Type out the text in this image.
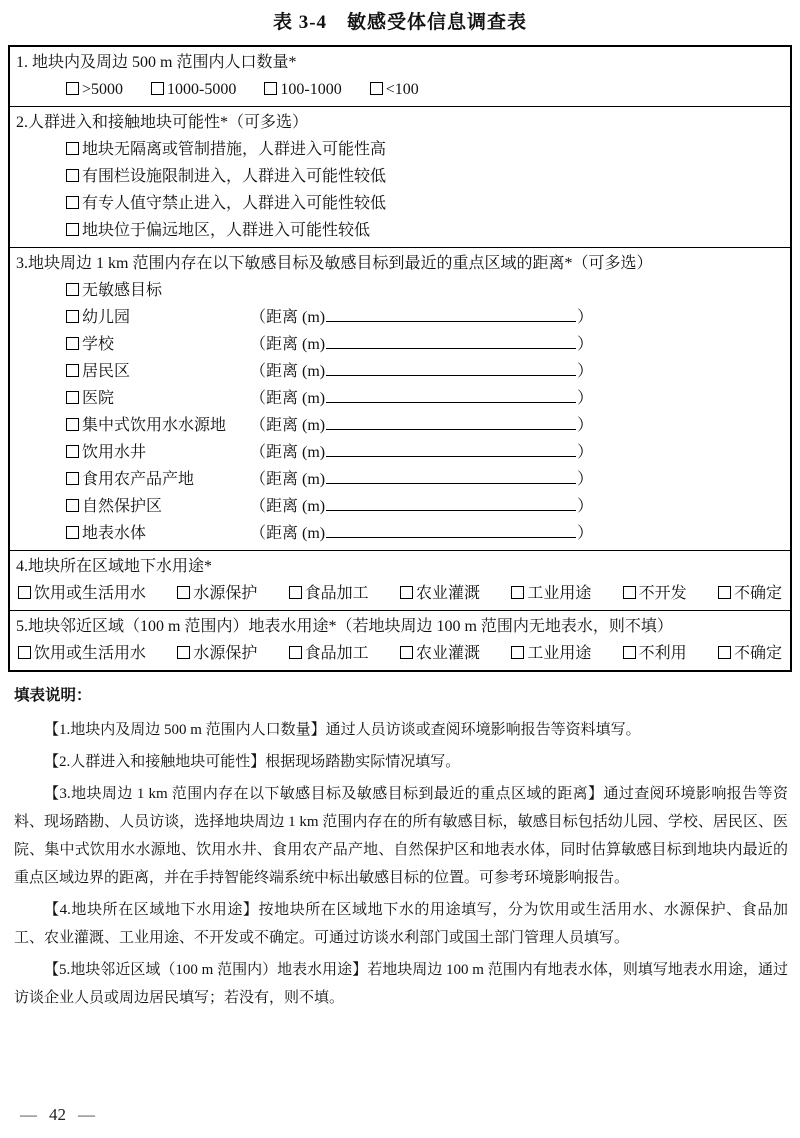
表 3-4　敏感受体信息调查表
1. 地块内及周边 500 m 范围内人口数量*
>5000	1000-5000	100-1000	<100
2.人群进入和接触地块可能性*（可多选）
地块无隔离或管制措施，人群进入可能性高
有围栏设施限制进入，人群进入可能性较低
有专人值守禁止进入，人群进入可能性较低
地块位于偏远地区，人群进入可能性较低
3.地块周边 1 km 范围内存在以下敏感目标及敏感目标到最近的重点区域的距离*（可多选）
无敏感目标
幼儿园	（距离 (m)	）
学校	（距离 (m)	）
居民区	（距离 (m)	）
医院	（距离 (m)	）
集中式饮用水水源地 （距离 (m)	）
饮用水井	（距离 (m)	）
食用农产品产地	（距离 (m)	）
自然保护区	（距离 (m)	）
地表水体	（距离 (m)	）
4.地块所在区域地下水用途*
饮用或生活用水	水源保护	食品加工	农业灌溉	工业用途	不开发	不确定
5.地块邻近区域（100 m 范围内）地表水用途*（若地块周边 100 m 范围内无地表水，则不填）
饮用或生活用水	水源保护	食品加工	农业灌溉	工业用途	不利用	不确定
填表说明：

【1.地块内及周边 500 m 范围内人口数量】通过人员访谈或查阅环境影响报告等资料填写。

【2.人群进入和接触地块可能性】根据现场踏勘实际情况填写。

【3.地块周边 1 km 范围内存在以下敏感目标及敏感目标到最近的重点区域的距离】通过查阅环境影响报告等资料、现场踏勘、人员访谈，选择地块周边 1 km 范围内存在的所有敏感目标，敏感目标包括幼儿园、学校、居民区、医院、集中式饮用水水源地、饮用水井、食用农产品产地、自然保护区和地表水体，同时估算敏感目标到地块内最近的重点区域边界的距离，并在手持智能终端系统中标出敏感目标的位置。可参考环境影响报告。

【4.地块所在区域地下水用途】按地块所在区域地下水的用途填写，分为饮用或生活用水、水源保护、食品加工、农业灌溉、工业用途、不开发或不确定。可通过访谈水利部门或国土部门管理人员填写。

【5.地块邻近区域（100 m 范围内）地表水用途】若地块周边 100 m 范围内有地表水体，则填写地表水用途，通过访谈企业人员或周边居民填写；若没有，则不填。

— 42 —
